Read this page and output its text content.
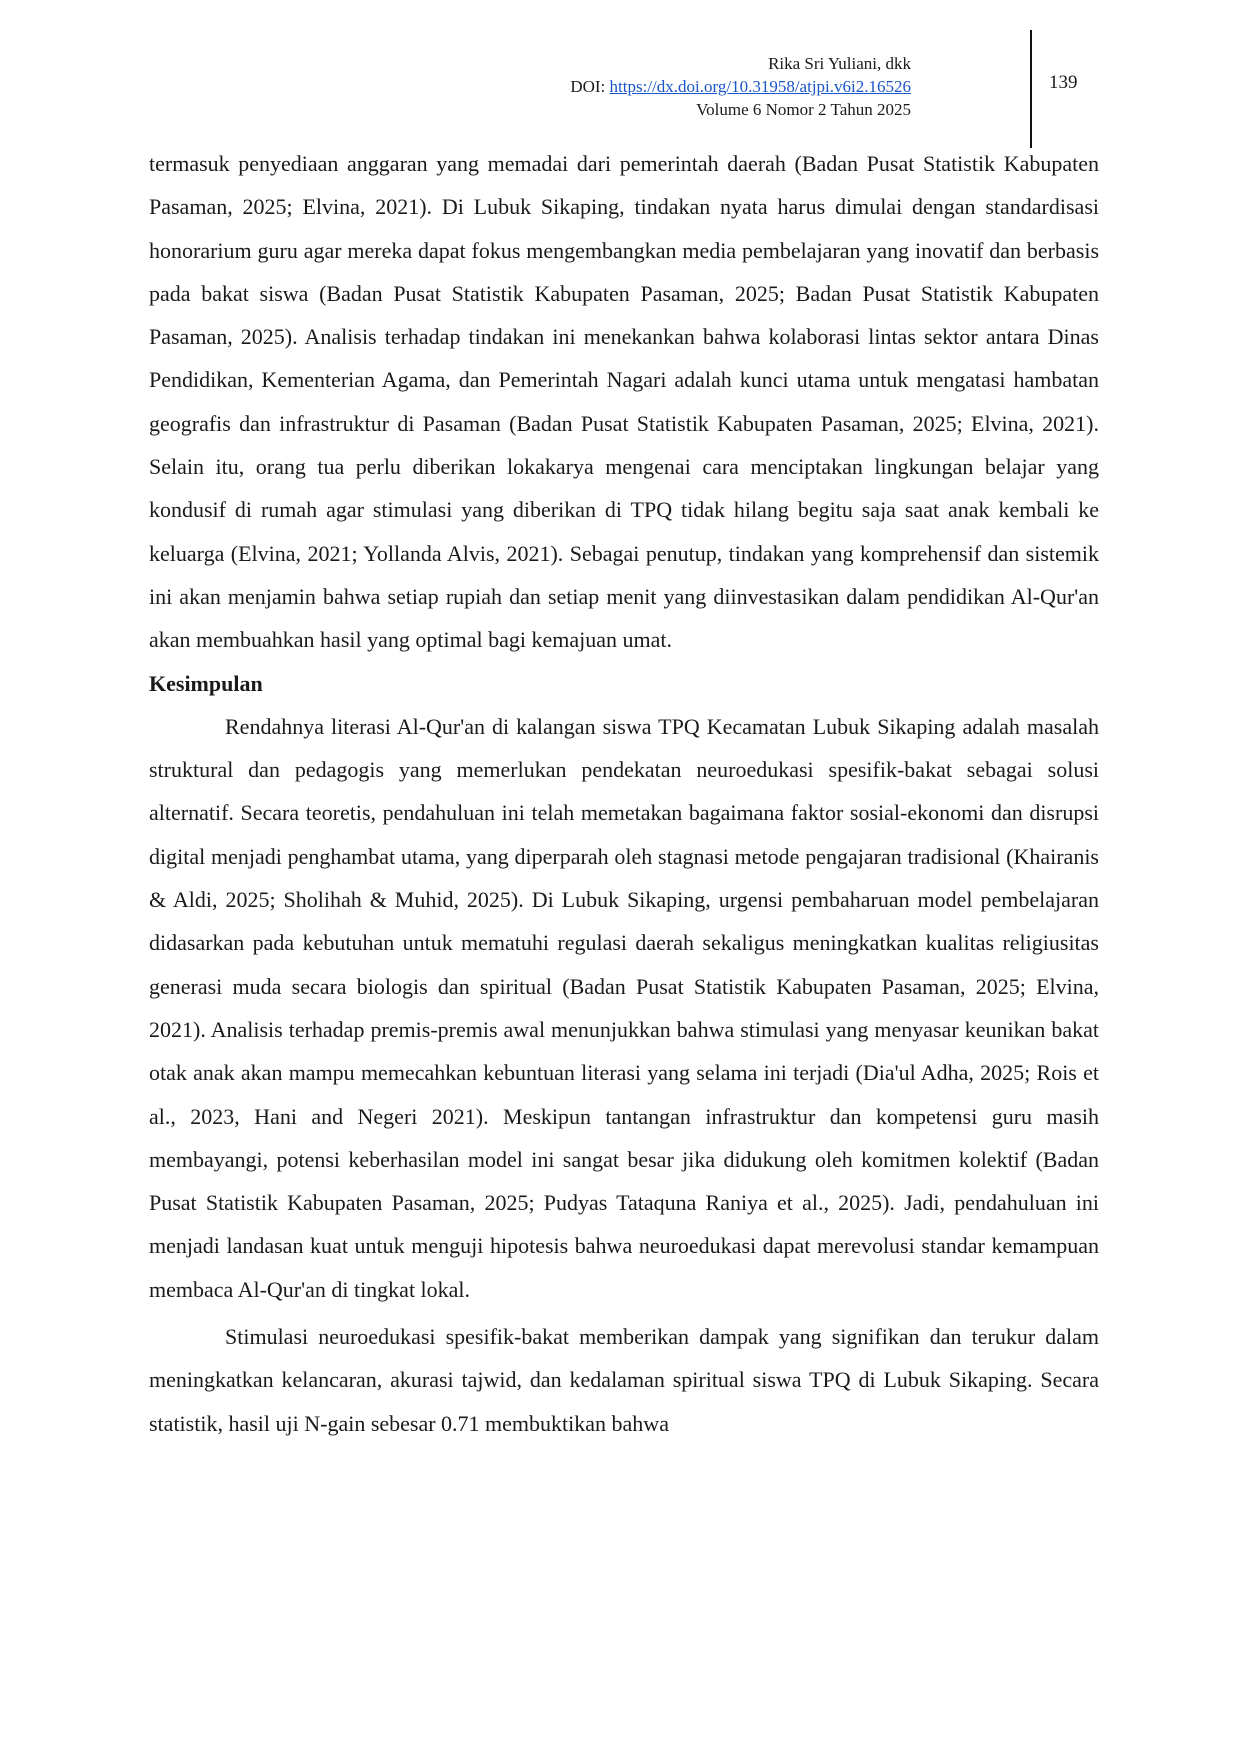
Rika Sri Yuliani, dkk
DOI: https://dx.doi.org/10.31958/atjpi.v6i2.16526
Volume 6 Nomor 2 Tahun 2025
139

termasuk penyediaan anggaran yang memadai dari pemerintah daerah (Badan Pusat Statistik Kabupaten Pasaman, 2025; Elvina, 2021). Di Lubuk Sikaping, tindakan nyata harus dimulai dengan standardisasi honorarium guru agar mereka dapat fokus mengembangkan media pembelajaran yang inovatif dan berbasis pada bakat siswa (Badan Pusat Statistik Kabupaten Pasaman, 2025; Badan Pusat Statistik Kabupaten Pasaman, 2025). Analisis terhadap tindakan ini menekankan bahwa kolaborasi lintas sektor antara Dinas Pendidikan, Kementerian Agama, dan Pemerintah Nagari adalah kunci utama untuk mengatasi hambatan geografis dan infrastruktur di Pasaman (Badan Pusat Statistik Kabupaten Pasaman, 2025; Elvina, 2021). Selain itu, orang tua perlu diberikan lokakarya mengenai cara menciptakan lingkungan belajar yang kondusif di rumah agar stimulasi yang diberikan di TPQ tidak hilang begitu saja saat anak kembali ke keluarga (Elvina, 2021; Yollanda Alvis, 2021). Sebagai penutup, tindakan yang komprehensif dan sistemik ini akan menjamin bahwa setiap rupiah dan setiap menit yang diinvestasikan dalam pendidikan Al-Qur'an akan membuahkan hasil yang optimal bagi kemajuan umat.

Kesimpulan

Rendahnya literasi Al-Qur'an di kalangan siswa TPQ Kecamatan Lubuk Sikaping adalah masalah struktural dan pedagogis yang memerlukan pendekatan neuroedukasi spesifik-bakat sebagai solusi alternatif. Secara teoretis, pendahuluan ini telah memetakan bagaimana faktor sosial-ekonomi dan disrupsi digital menjadi penghambat utama, yang diperparah oleh stagnasi metode pengajaran tradisional (Khairanis & Aldi, 2025; Sholihah & Muhid, 2025). Di Lubuk Sikaping, urgensi pembaharuan model pembelajaran didasarkan pada kebutuhan untuk mematuhi regulasi daerah sekaligus meningkatkan kualitas religiusitas generasi muda secara biologis dan spiritual (Badan Pusat Statistik Kabupaten Pasaman, 2025; Elvina, 2021). Analisis terhadap premis-premis awal menunjukkan bahwa stimulasi yang menyasar keunikan bakat otak anak akan mampu memecahkan kebuntuan literasi yang selama ini terjadi (Dia'ul Adha, 2025; Rois et al., 2023, Hani and Negeri 2021). Meskipun tantangan infrastruktur dan kompetensi guru masih membayangi, potensi keberhasilan model ini sangat besar jika didukung oleh komitmen kolektif (Badan Pusat Statistik Kabupaten Pasaman, 2025; Pudyas Tataquna Raniya et al., 2025). Jadi, pendahuluan ini menjadi landasan kuat untuk menguji hipotesis bahwa neuroedukasi dapat merevolusi standar kemampuan membaca Al-Qur'an di tingkat lokal.

Stimulasi neuroedukasi spesifik-bakat memberikan dampak yang signifikan dan terukur dalam meningkatkan kelancaran, akurasi tajwid, dan kedalaman spiritual siswa TPQ di Lubuk Sikaping. Secara statistik, hasil uji N-gain sebesar 0.71 membuktikan bahwa
